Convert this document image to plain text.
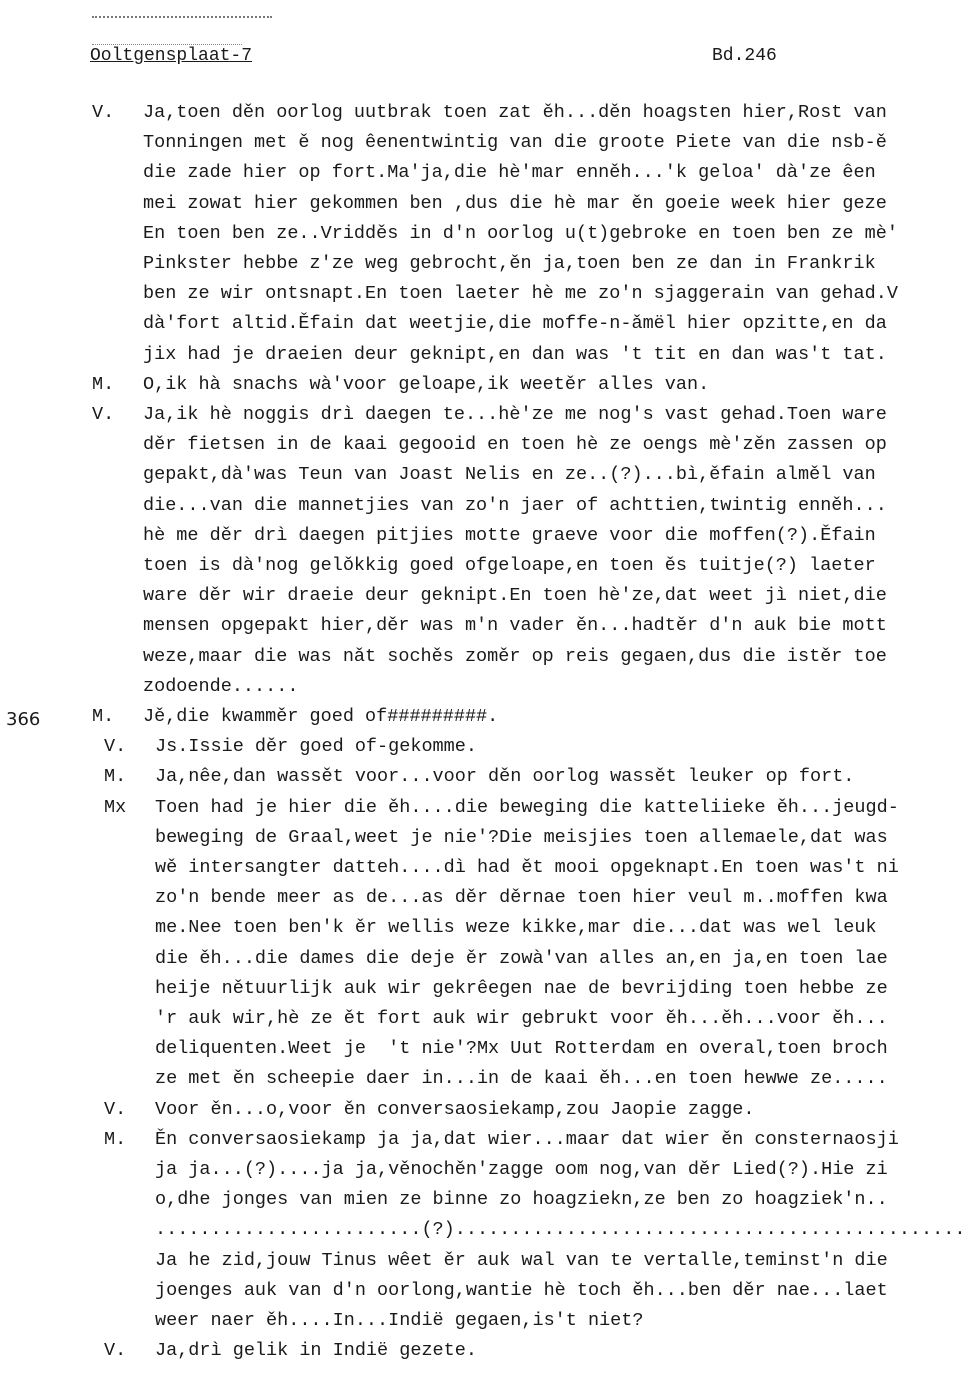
Ooltgensplaat-7	Bd.246
366
V.	Ja,toen děn oorlog uutbrak toen zat ěh...děn hoagsten hier,Rost van
Tonningen met ě nog êenentwintig van die groote Piete van die nsb-ě
die zade hier op fort.Ma'ja,die hè'mar enněh...'k geloa' dà'ze êen
mei zowat hier gekommen ben ,dus die hè mar ěn goeie week hier geze
En toen ben ze..Vridděs in d'n oorlog u(t)gebroke en toen ben ze mè'
Pinkster hebbe z'ze weg gebrocht,ěn ja,toen ben ze dan in Frankrik
ben ze wir ontsnapt.En toen laeter hè me zo'n sjaggerain van gehad.V
dà'fort altid.Ěfain dat weetjie,die moffe-n-ǎmël hier opzitte,en da
jix had je draeien deur geknipt,en dan was 't tit en dan was't tat.
M.	O,ik hà snachs wà'voor geloape,ik weetěr alles van.
V.	Ja,ik hè noggis drì daegen te...hè'ze me nog's vast gehad.Toen ware
děr fietsen in de kaai gegooid en toen hè ze oengs mè'zěn zassen op
gepakt,dà'was Teun van Joast Nelis en ze..(?)...bì,ěfain alměl van
die...van die mannetjies van zo'n jaer of achttien,twintig enněh...
hè me děr drì daegen pitjies motte graeve voor die moffen(?).Ěfain
toen is dà'nog gelǒkkig goed ofgeloape,en toen ěs tuitje(?) laeter
ware děr wir draeie deur geknipt.En toen hè'ze,dat weet jì niet,die
mensen opgepakt hier,děr was m'n vader ěn...hadtěr d'n auk bie mott
weze,maar die was nǎt sochěs zoměr op reis gegaen,dus die istěr toe
zodoende......
M.	Jě,die kwamměr goed of#########.
V.	Js.Issie děr goed of-gekomme.
M.	Ja,nêe,dan wassět voor...voor děn oorlog wassět leuker op fort.
Mx	Toen had je hier die ěh....die beweging die katteliieke ěh...jeugd-
beweging de Graal,weet je nie'?Die meisjies toen allemaele,dat was
wě intersangter datteh....dì had ět mooi opgeknapt.En toen was't ni
zo'n bende meer as de...as děr děrnae toen hier veul m..moffen kwa
me.Nee toen ben'k ěr wellis weze kikke,mar die...dat was wel leuk
die ěh...die dames die deje ěr zowà'van alles an,en ja,en toen lae
heije nětuurlijk auk wir gekrêegen nae de bevrijding toen hebbe ze
'r auk wir,hè ze ět fort auk wir gebrukt voor ěh...ěh...voor ěh...
deliquenten.Weet je  't nie'?Mx Uut Rotterdam en overal,toen broch
ze met ěn scheepie daer in...in de kaai ěh...en toen hewwe ze.....
V.	Voor ěn...o,voor ěn conversaosiekamp,zou Jaopie zagge.
M.	Ěn conversaosiekamp ja ja,dat wier...maar dat wier ěn consternaosji
ja ja...(?)....ja ja,věnochěn'zagge oom nog,van děr Lied(?).Hie zi
o,dhe jonges van mien ze binne zo hoagziekn,ze ben zo hoagziek'n..
........................(?)..............................................
Ja he zid,jouw Tinus wêet ěr auk wal van te vertalle,teminst'n die
joenges auk van d'n oorlong,wantie hè toch ěh...ben děr nae...laet
weer naer ěh....In...Indië gegaen,is't niet?
V.	Ja,drì gelik in Indië gezete.
